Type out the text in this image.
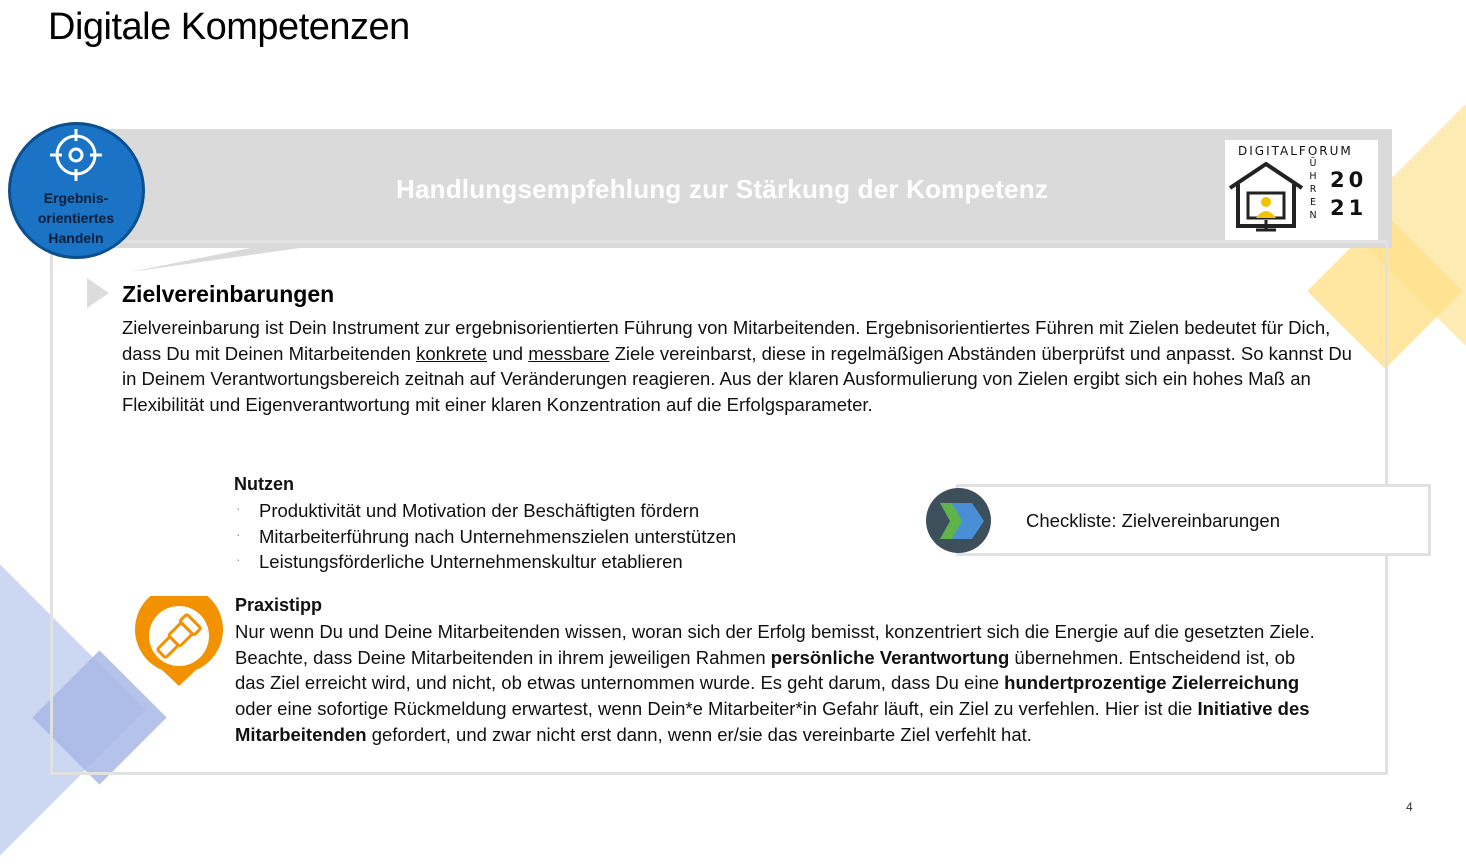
Digitale Kompetenzen
Handlungsempfehlung zur Stärkung der Kompetenz
Ergebnis-
orientiertes
Handeln
DIGITALFORUM
Ü
H
R
E
N
20
21
Zielvereinbarungen
Zielvereinbarung ist Dein Instrument zur ergebnisorientierten Führung von Mitarbeitenden. Ergebnisorientiertes Führen mit Zielen bedeutet für Dich, dass Du mit Deinen Mitarbeitenden konkrete und messbare Ziele vereinbarst, diese in regelmäßigen Abständen überprüfst und anpasst. So kannst Du in Deinem Verantwortungsbereich zeitnah auf Veränderungen reagieren. Aus der klaren Ausformulierung von Zielen ergibt sich ein hohes Maß an Flexibilität und Eigenverantwortung mit einer klaren Konzentration auf die Erfolgsparameter.
Nutzen
· Produktivität und Motivation der Beschäftigten fördern
· Mitarbeiterführung nach Unternehmenszielen unterstützen
· Leistungsförderliche Unternehmenskultur etablieren
Checkliste: Zielvereinbarungen
Praxistipp
Nur wenn Du und Deine Mitarbeitenden wissen, woran sich der Erfolg bemisst, konzentriert sich die Energie auf die gesetzten Ziele. Beachte, dass Deine Mitarbeitenden in ihrem jeweiligen Rahmen persönliche Verantwortung übernehmen. Entscheidend ist, ob das Ziel erreicht wird, und nicht, ob etwas unternommen wurde. Es geht darum, dass Du eine hundertprozentige Zielerreichung oder eine sofortige Rückmeldung erwartest, wenn Dein*e Mitarbeiter*in Gefahr läuft, ein Ziel zu verfehlen. Hier ist die Initiative des Mitarbeitenden gefordert, und zwar nicht erst dann, wenn er/sie das vereinbarte Ziel verfehlt hat.
4
